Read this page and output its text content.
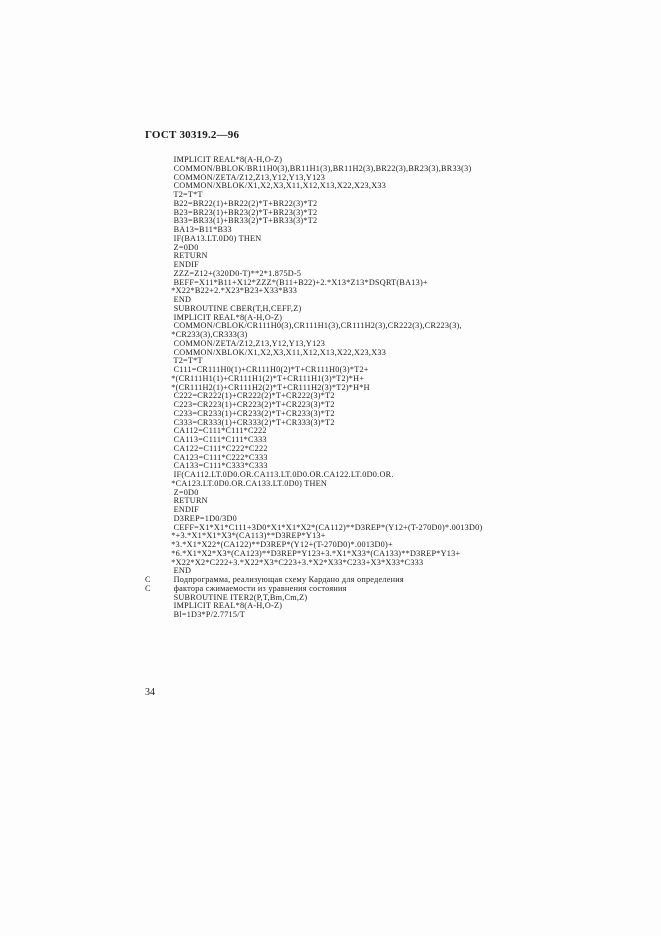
ГОСТ 30319.2—96
IMPLICIT REAL*8(A-H,O-Z)
COMMON/BBLOK/BR11H0(3),BR11H1(3),BR11H2(3),BR22(3),BR23(3),BR33(3)
COMMON/ZETA/Z12,Z13,Y12,Y13,Y123
COMMON/XBLOK/X1,X2,X3,X11,X12,X13,X22,X23,X33
T2=T*T
B22=BR22(1)+BR22(2)*T+BR22(3)*T2
B23=BR23(1)+BR23(2)*T+BR23(3)*T2
B33=BR33(1)+BR33(2)*T+BR33(3)*T2
BA13=B11*B33
IF(BA13.LT.0D0) THEN
Z=0D0
RETURN
ENDIF
ZZZ=Z12+(320D0-T)**2*1.875D-5
BEFF=X11*B11+X12*ZZZ*(B11+B22)+2.*X13*Z13*DSQRT(BA13)+
*X22*B22+2.*X23*B23+X33*B33
END
SUBROUTINE CBER(T,H,CEFF,Z)
IMPLICIT REAL*8(A-H,O-Z)
COMMON/CBLOK/CR111H0(3),CR111H1(3),CR111H2(3),CR222(3),CR223(3),
*CR233(3),CR333(3)
COMMON/ZETA/Z12,Z13,Y12,Y13,Y123
COMMON/XBLOK/X1,X2,X3,X11,X12,X13,X22,X23,X33
T2=T*T
C111=CR111H0(1)+CR111H0(2)*T+CR111H0(3)*T2+
*(CR111H1(1)+CR111H1(2)*T+CR111H1(3)*T2)*H+
*(CR111H2(1)+CR111H2(2)*T+CR111H2(3)*T2)*H*H
C222=CR222(1)+CR222(2)*T+CR222(3)*T2
C223=CR223(1)+CR223(2)*T+CR223(3)*T2
C233=CR233(1)+CR233(2)*T+CR233(3)*T2
C333=CR333(1)+CR333(2)*T+CR333(3)*T2
CA112=C111*C111*C222
CA113=C111*C111*C333
CA122=C111*C222*C222
CA123=C111*C222*C333
CA133=C111*C333*C333
IF(CA112.LT.0D0.OR.CA113.LT.0D0.OR.CA122.LT.0D0.OR.
*CA123.LT.0D0.OR.CA133.LT.0D0) THEN
Z=0D0
RETURN
ENDIF
D3REP=1D0/3D0
CEFF=X1*X1*C111+3D0*X1*X1*X2*(CA112)**D3REP*(Y12+(T-270D0)*.0013D0)
*+3.*X1*X1*X3*(CA113)**D3REP*Y13+
*3.*X1*X22*(CA122)**D3REP*(Y12+(T-270D0)*.0013D0)+
*6.*X1*X2*X3*(CA123)**D3REP*Y123+3.*X1*X33*(CA133)**D3REP*Y13+
*X22*X2*C222+3.*X22*X3*C223+3.*X2*X33*C233+X3*X33*C333
END
C  Подпрограмма, реализующая схему Кардано для определения
C  фактора сжимаемости из уравнения состояния
SUBROUTINE ITER2(P,T,Bm,Cm,Z)
IMPLICIT REAL*8(A-H,O-Z)
Bl=1D3*P/2.7715/T
34
